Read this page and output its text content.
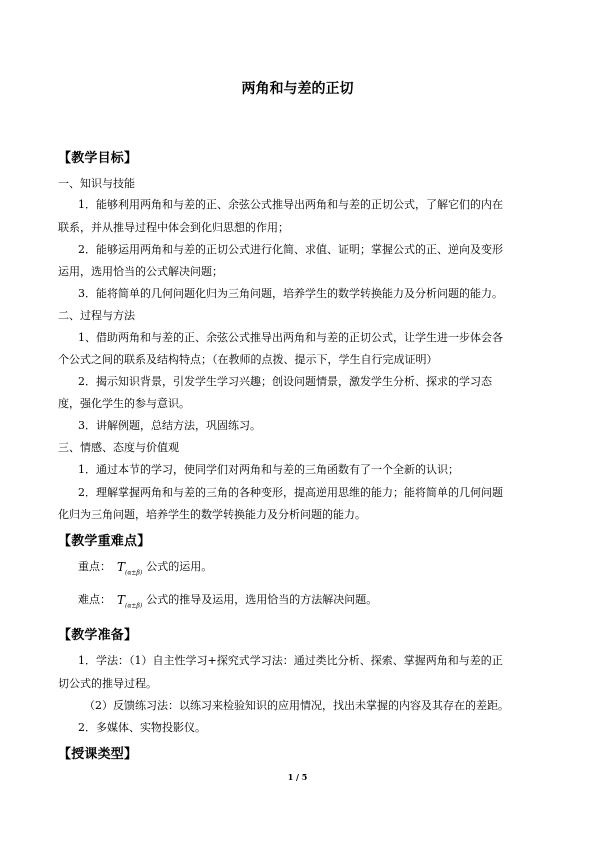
两角和与差的正切
【教学目标】
一、知识与技能
1．能够利用两角和与差的正、余弦公式推导出两角和与差的正切公式，了解它们的内在
联系，并从推导过程中体会到化归思想的作用；
2．能够运用两角和与差的正切公式进行化简、求值、证明；掌握公式的正、逆向及变形
运用，选用恰当的公式解决问题；
3．能将简单的几何问题化归为三角问题，培养学生的数学转换能力及分析问题的能力。
二、过程与方法
1、借助两角和与差的正、余弦公式推导出两角和与差的正切公式，让学生进一步体会各
个公式之间的联系及结构特点；（在教师的点拨、提示下，学生自行完成证明）
2．揭示知识背景，引发学生学习兴趣；创设问题情景，激发学生分析、探求的学习态
度，强化学生的参与意识。
3．讲解例题，总结方法，巩固练习。
三、情感、态度与价值观
1．通过本节的学习，使同学们对两角和与差的三角函数有了一个全新的认识；
2．理解掌握两角和与差的三角的各种变形，提高逆用思维的能力；能将简单的几何问题
化归为三角问题，培养学生的数学转换能力及分析问题的能力。
【教学重难点】
重点： $T_{(\alpha\pm\beta)}$ 公式的运用。
难点： $T_{(\alpha\pm\beta)}$ 公式的推导及运用，选用恰当的方法解决问题。
【教学准备】
1．学法：（1）自主性学习+探究式学习法：通过类比分析、探索、掌握两角和与差的正
切公式的推导过程。
（2）反馈练习法：以练习来检验知识的应用情况，找出未掌握的内容及其存在的差距。
2．多媒体、实物投影仪。
【授课类型】
1 / 5
